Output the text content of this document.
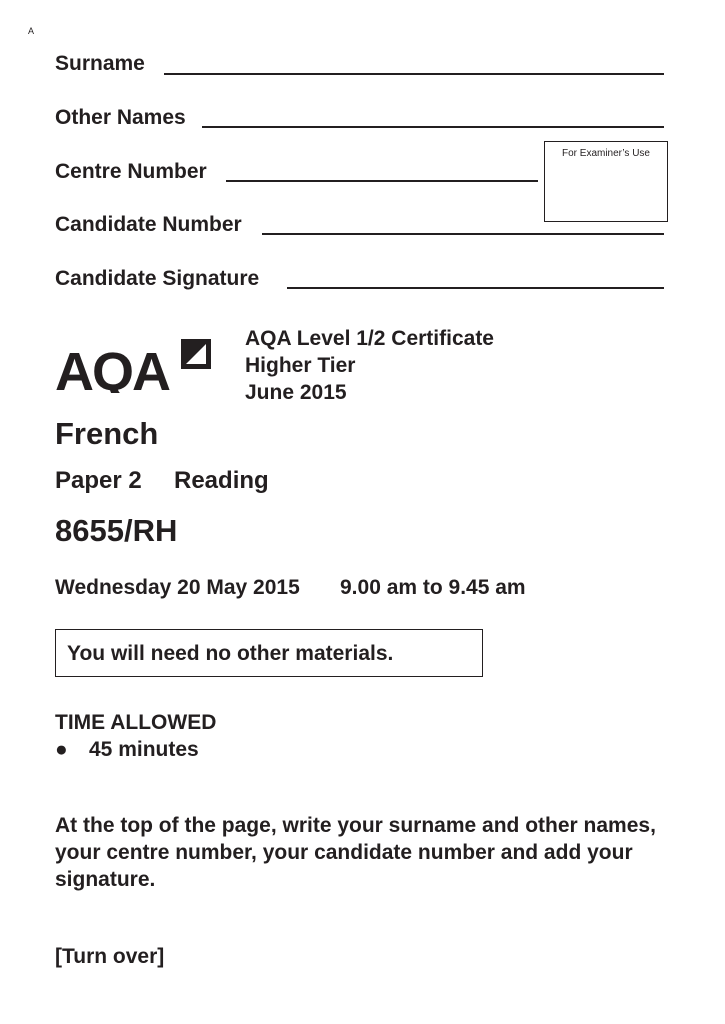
A
Surname
Other Names
Centre Number
Candidate Number
Candidate Signature
For Examiner’s Use
AQA
AQA Level 1/2 Certificate
Higher Tier
June 2015
French
Paper 2 Reading
8655/RH
Wednesday 20 May 2015 9.00 am to 9.45 am
You will need no other materials.
TIME ALLOWED
● 45 minutes
At the top of the page, write your surname and other names, your centre number, your candidate number and add your signature.
[Turn over]
